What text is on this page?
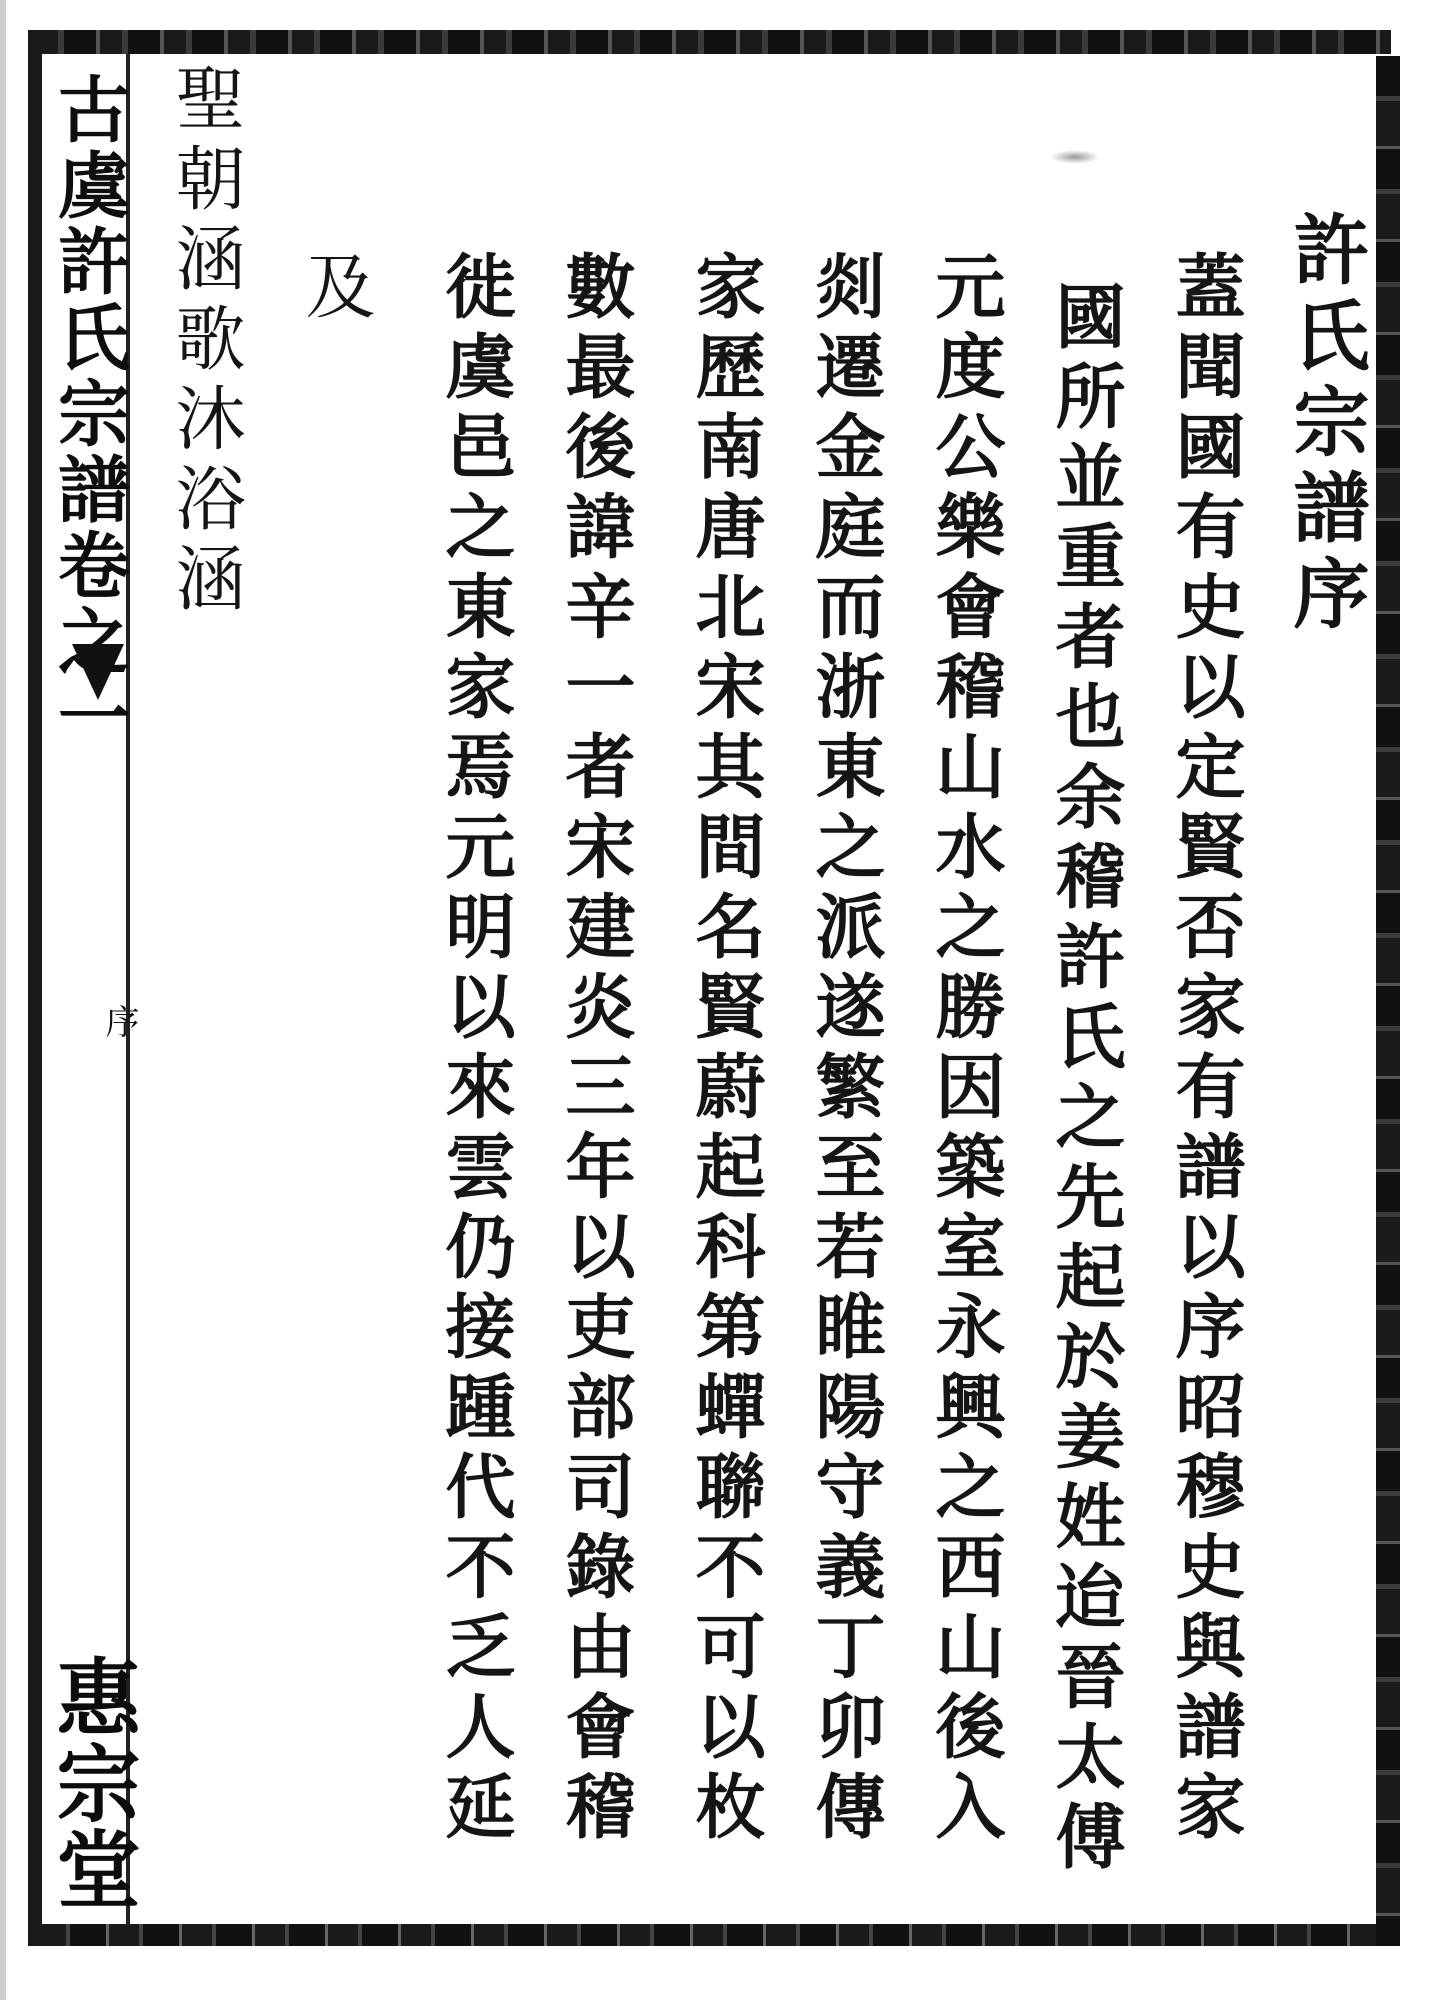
古虞許氏宗譜卷之一
序
惠宗堂
許氏宗譜序
蓋聞國有史以定賢否家有譜以序昭穆史與譜家
國所並重者也余稽許氏之先起於姜姓迨晉太傅
元度公樂會稽山水之勝因築室永興之西山後入
剡遷金庭而浙東之派遂繁至若睢陽守義丁卯傳
家歷南唐北宋其間名賢蔚起科第蟬聯不可以枚
數最後諱辛一者宋建炎三年以吏部司錄由會稽
徙虞邑之東家焉元明以來雲仍接踵代不乏人延
及
聖朝涵歌沐浴涵
